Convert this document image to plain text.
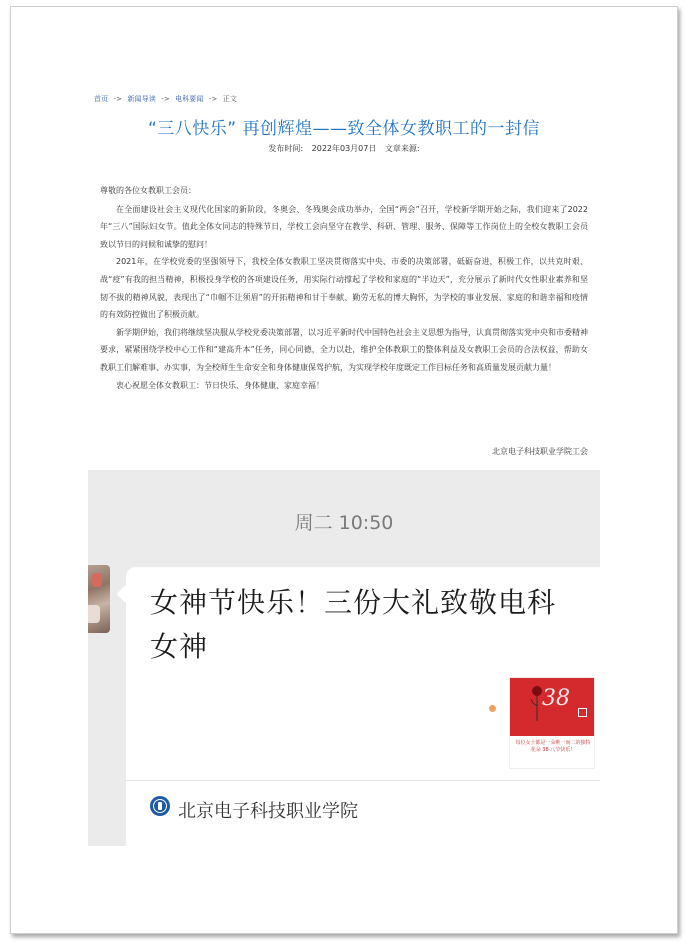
首页 -> 新闻导读 -> 电科要闻 -> 正文
“三八快乐” 再创辉煌——致全体女教职工的一封信
发布时间: 2022年03月07日 文章来源:

尊敬的各位女教职工会员：

在全面建设社会主义现代化国家的新阶段，冬奥会、冬残奥会成功举办，全国“两会”召开，学校新学期开始之际，我们迎来了2022年“三八”国际妇女节。值此全体女同志的特殊节日，学校工会向坚守在教学、科研、管理、服务、保障等工作岗位上的全校女教职工会员致以节日的问候和诚挚的慰问！

2021年，在学校党委的坚强领导下，我校全体女教职工坚决贯彻落实中央、市委的决策部署，砥砺奋进，积极工作，以共克时艰、战“疫”有我的担当精神，积极投身学校的各项建设任务，用实际行动撑起了学校和家庭的“半边天”，充分展示了新时代女性职业素养和坚韧不拔的精神风貌，表现出了“巾帼不让须眉”的开拓精神和甘于奉献、勤劳无私的博大胸怀，为学校的事业发展、家庭的和谐幸福和疫情的有效防控做出了积极贡献。

新学期伊始，我们将继续坚决服从学校党委决策部署，以习近平新时代中国特色社会主义思想为指导，认真贯彻落实党中央和市委精神要求，紧紧围绕学校中心工作和“建高升本”任务，同心同德，全力以赴，维护全体教职工的整体利益及女教职工会员的合法权益，帮助女教职工们解难事、办实事，为全校师生生命安全和身体健康保驾护航，为实现学校年度既定工作目标任务和高质量发展贡献力量！

衷心祝愿全体女教职工：节日快乐、身体健康、家庭幸福！

北京电子科技职业学院工会
周二 10:50
女神节快乐！三份大礼致敬电科女神
38
每位女士都是一朵唯一而二的独特花朵 38·八节快乐！
北京电子科技职业学院
